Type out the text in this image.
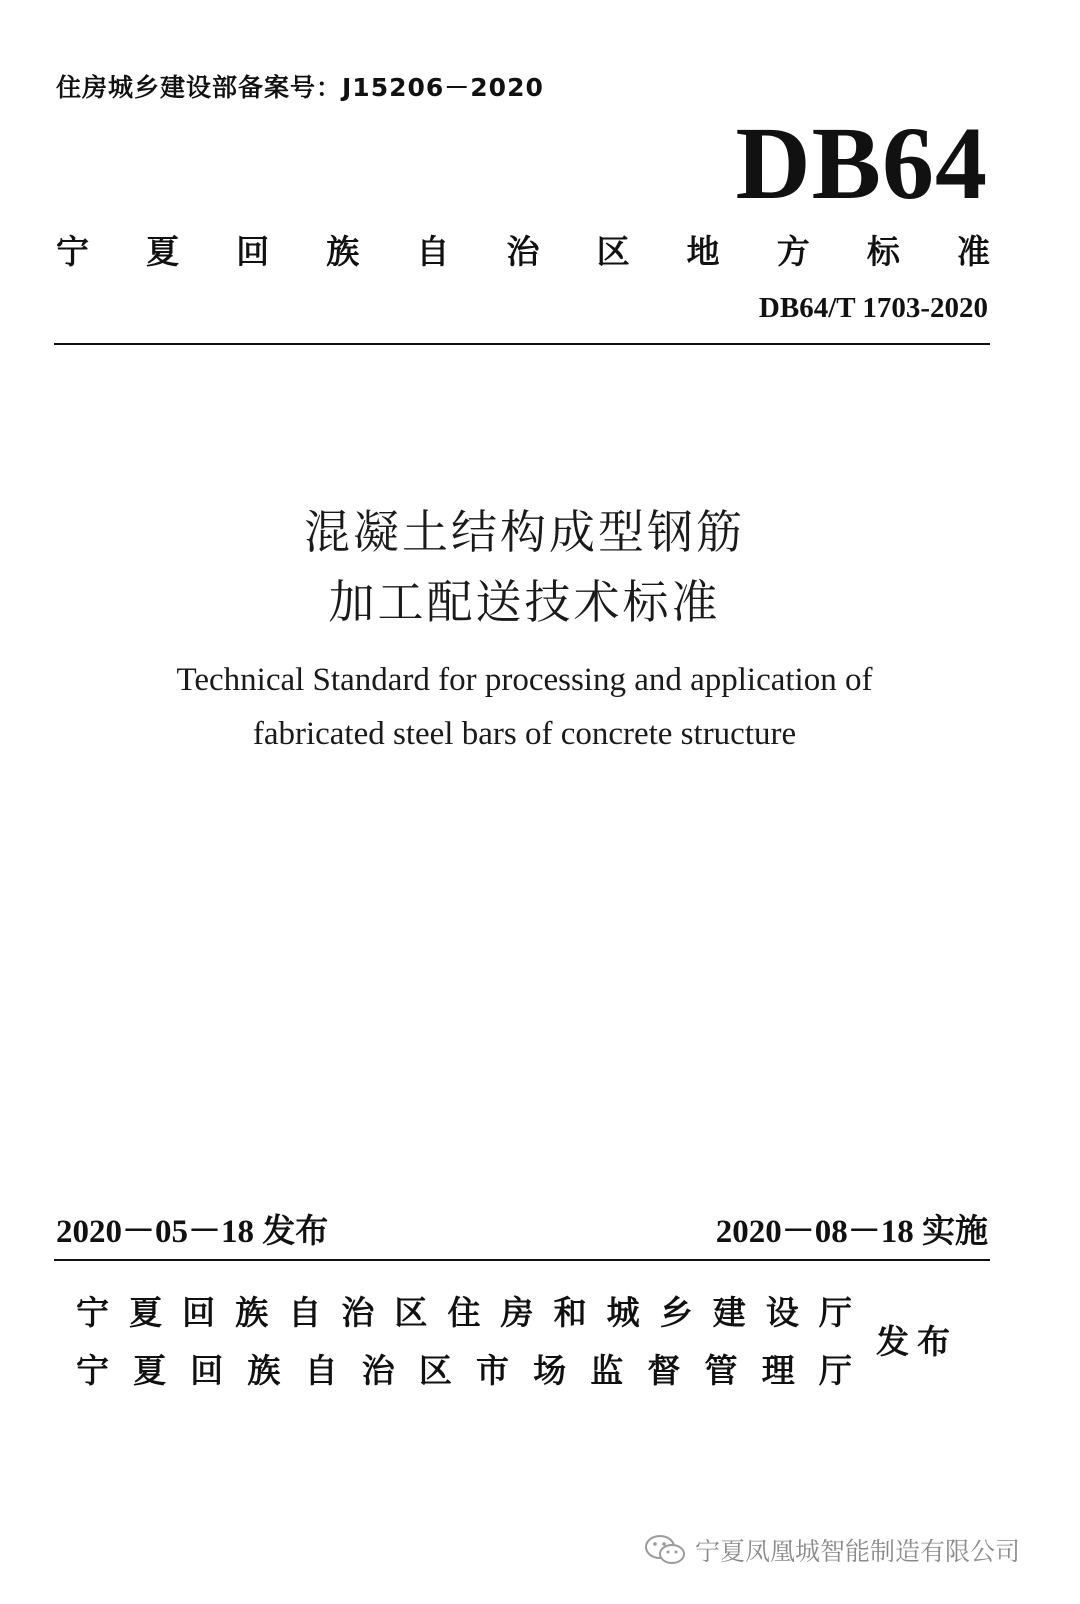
住房城乡建设部备案号：J15206－2020
DB64
宁 夏 回 族 自 治 区 地 方 标 准
DB64/T 1703-2020
混凝土结构成型钢筋
加工配送技术标准
Technical Standard for processing and application of
fabricated steel bars of concrete structure
2020－05－18 发布	2020－08－18 实施
宁 夏 回 族 自 治 区 住 房 和 城 乡 建 设 厅
宁 夏 回 族 自 治 区 市 场 监 督 管 理 厅
发布
宁夏凤凰城智能制造有限公司
